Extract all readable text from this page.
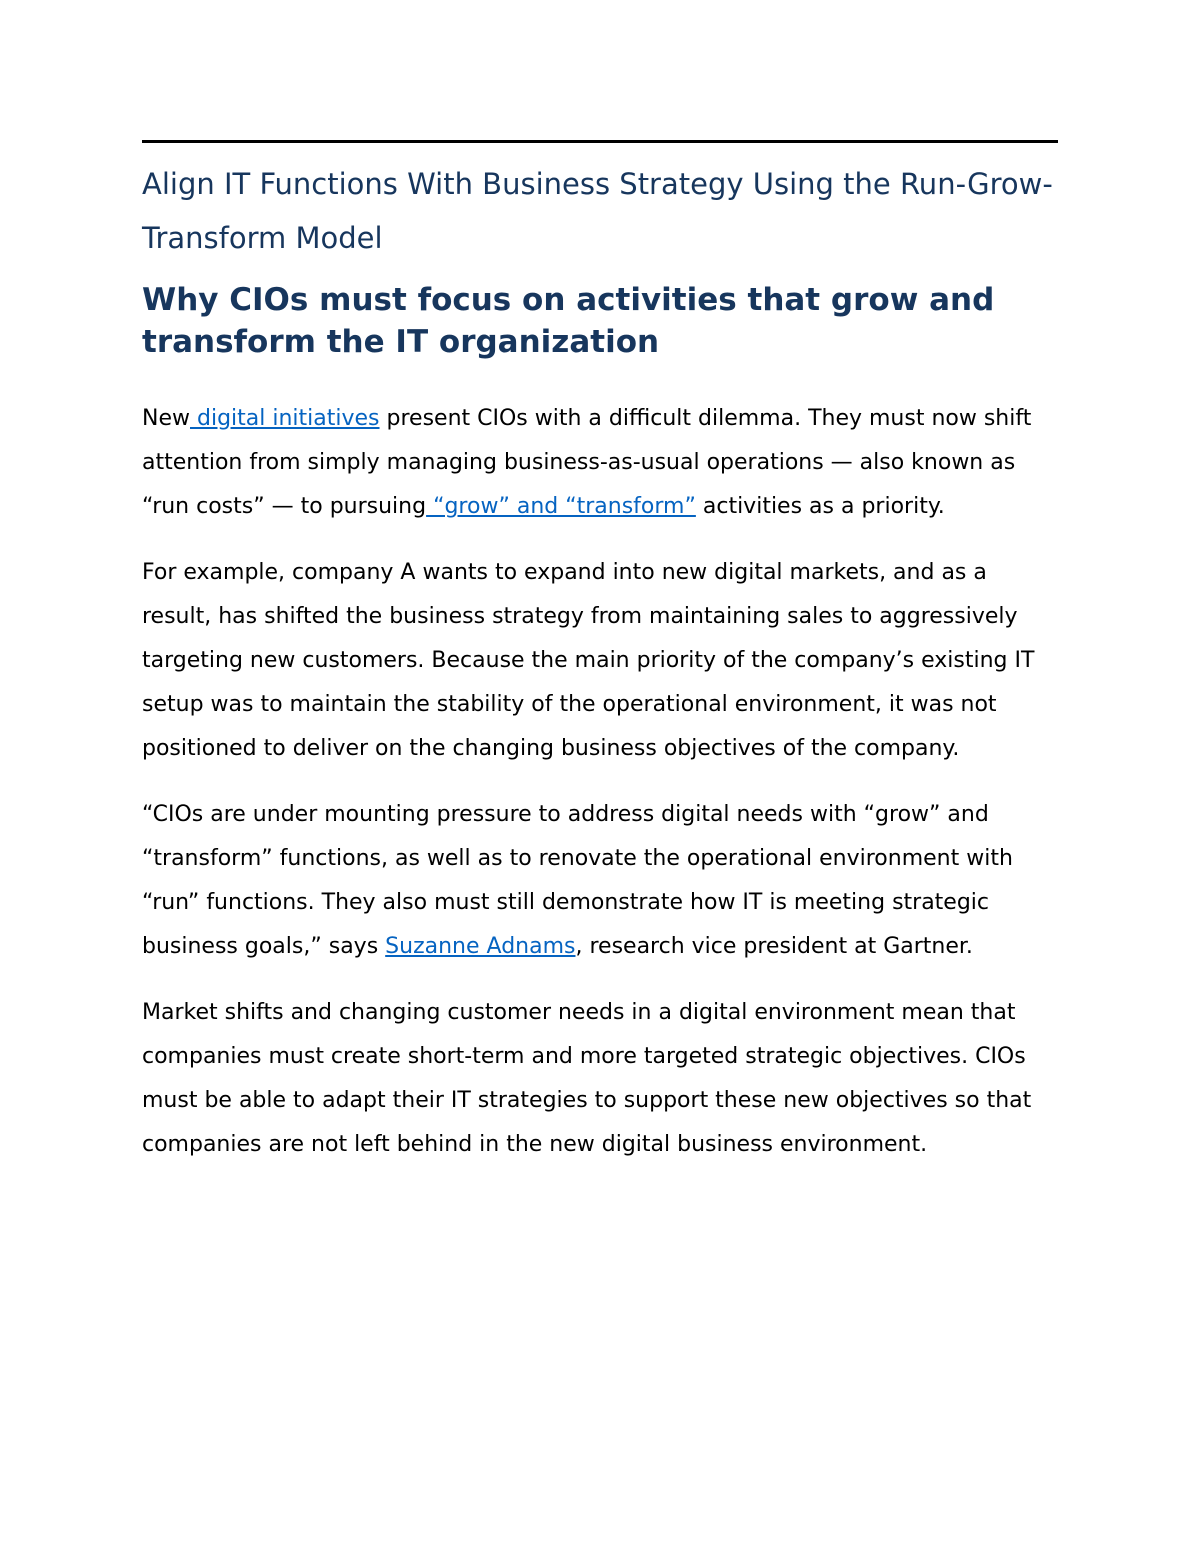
Align IT Functions With Business Strategy Using the Run-Grow-Transform Model
Why CIOs must focus on activities that grow and transform the IT organization

New digital initiatives present CIOs with a difficult dilemma. They must now shift attention from simply managing business-as-usual operations — also known as “run costs” — to pursuing “grow” and “transform” activities as a priority.

For example, company A wants to expand into new digital markets, and as a result, has shifted the business strategy from maintaining sales to aggressively targeting new customers. Because the main priority of the company’s existing IT setup was to maintain the stability of the operational environment, it was not positioned to deliver on the changing business objectives of the company.

“CIOs are under mounting pressure to address digital needs with “grow” and “transform” functions, as well as to renovate the operational environment with “run” functions. They also must still demonstrate how IT is meeting strategic business goals,” says Suzanne Adnams, research vice president at Gartner.

Market shifts and changing customer needs in a digital environment mean that companies must create short-term and more targeted strategic objectives. CIOs must be able to adapt their IT strategies to support these new objectives so that companies are not left behind in the new digital business environment.
